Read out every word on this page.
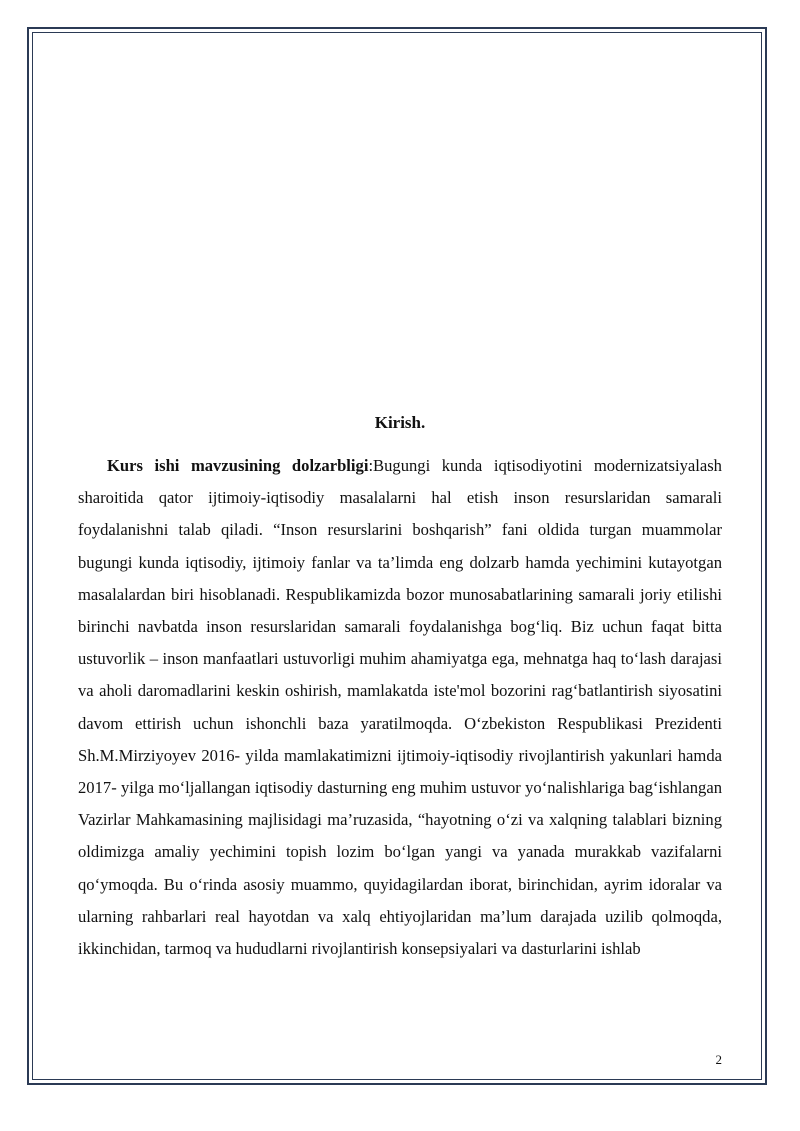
Kirish.

Kurs ishi mavzusining dolzarbligi:Bugungi kunda iqtisodiyotini modernizatsiyalash sharoitida qator ijtimoiy-iqtisodiy masalalarni hal etish inson resurslaridan samarali foydalanishni talab qiladi. “Inson resurslarini boshqarish” fani oldida turgan muammolar bugungi kunda iqtisodiy, ijtimoiy fanlar va ta’limda eng dolzarb hamda yechimini kutayotgan masalalardan biri hisoblanadi. Respublikamizda bozor munosabatlarining samarali joriy etilishi birinchi navbatda inson resurslaridan samarali foydalanishga bog‘liq. Biz uchun faqat bitta ustuvorlik – inson manfaatlari ustuvorligi muhim ahamiyatga ega, mehnatga haq to‘lash darajasi va aholi daromadlarini keskin oshirish, mamlakatda iste'mol bozorini rag‘batlantirish siyosatini davom ettirish uchun ishonchli baza yaratilmoqda. O‘zbekiston Respublikasi Prezidenti Sh.M.Mirziyoyev 2016- yilda mamlakatimizni ijtimoiy-iqtisodiy rivojlantirish yakunlari hamda 2017- yilga mo‘ljallangan iqtisodiy dasturning eng muhim ustuvor yo‘nalishlariga bag‘ishlangan Vazirlar Mahkamasining majlisidagi ma’ruzasida, “hayotning o‘zi va xalqning talablari bizning oldimizga amaliy yechimini topish lozim bo‘lgan yangi va yanada murakkab vazifalarni qo‘ymoqda. Bu o‘rinda asosiy muammo, quyidagilardan iborat, birinchidan, ayrim idoralar va ularning rahbarlari real hayotdan va xalq ehtiyojlaridan ma’lum darajada uzilib qolmoqda, ikkinchidan, tarmoq va hududlarni rivojlantirish konsepsiyalari va dasturlarini ishlab

2
